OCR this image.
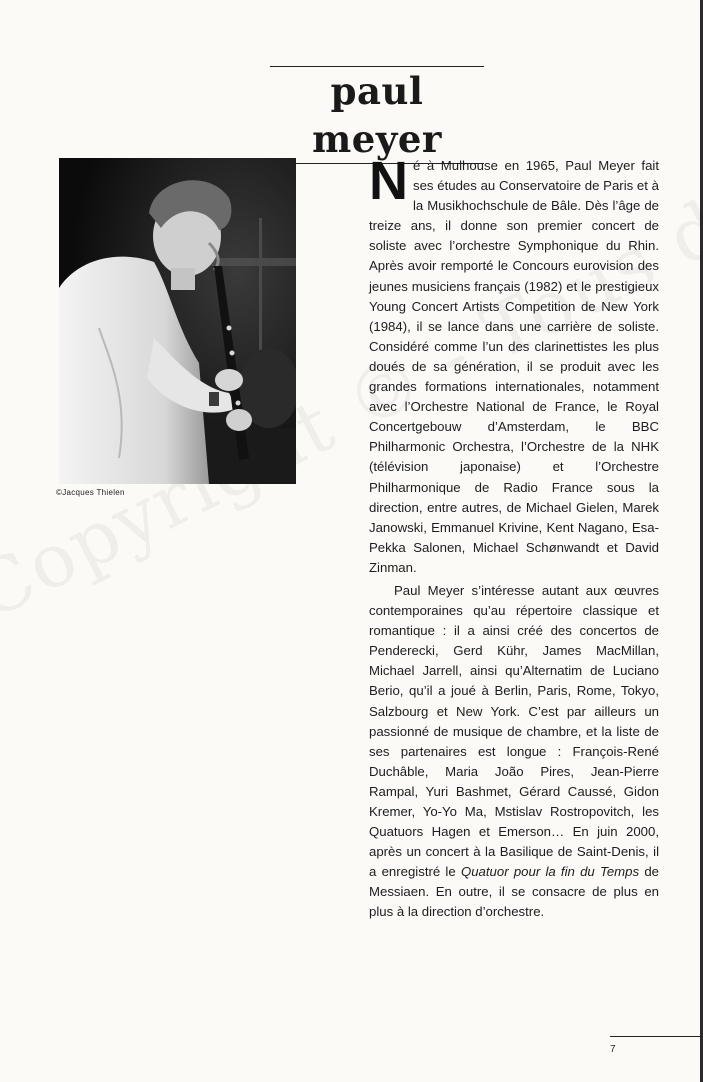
paul meyer
©Jacques Thielen

Né à Mulhouse en 1965, Paul Meyer fait ses études au Conservatoire de Paris et à la Musikhochschule de Bâle. Dès l’âge de treize ans, il donne son premier concert de soliste avec l’orchestre Symphonique du Rhin. Après avoir remporté le Concours eurovision des jeunes musiciens français (1982) et le prestigieux Young Concert Artists Competition de New York (1984), il se lance dans une carrière de soliste. Considéré comme l’un des clarinettistes les plus doués de sa génération, il se produit avec les grandes formations internationales, notamment avec l’Orchestre National de France, le Royal Concertgebouw d’Amsterdam, le BBC Philharmonic Orchestra, l’Orchestre de la NHK (télévision japonaise) et l’Orchestre Philharmonique de Radio France sous la direction, entre autres, de Michael Gielen, Marek Janowski, Emmanuel Krivine, Kent Nagano, Esa-Pekka Salonen, Michael Schønwandt et David Zinman.

Paul Meyer s’intéresse autant aux œuvres contemporaines qu’au répertoire classique et romantique : il a ainsi créé des concertos de Penderecki, Gerd Kühr, James MacMillan, Michael Jarrell, ainsi qu’Alternatim de Luciano Berio, qu’il a joué à Berlin, Paris, Rome, Tokyo, Salzbourg et New York. C’est par ailleurs un passionné de musique de chambre, et la liste de ses partenaires est longue : François-René Duchâble, Maria João Pires, Jean-Pierre Rampal, Yuri Bashmet, Gérard Caussé, Gidon Kremer, Yo-Yo Ma, Mstislav Rostropovitch, les Quatuors Hagen et Emerson… En juin 2000, après un concert à la Basilique de Saint-Denis, il a enregistré le Quatuor pour la fin du Temps de Messiaen. En outre, il se consacre de plus en plus à la direction d’orchestre.

7
